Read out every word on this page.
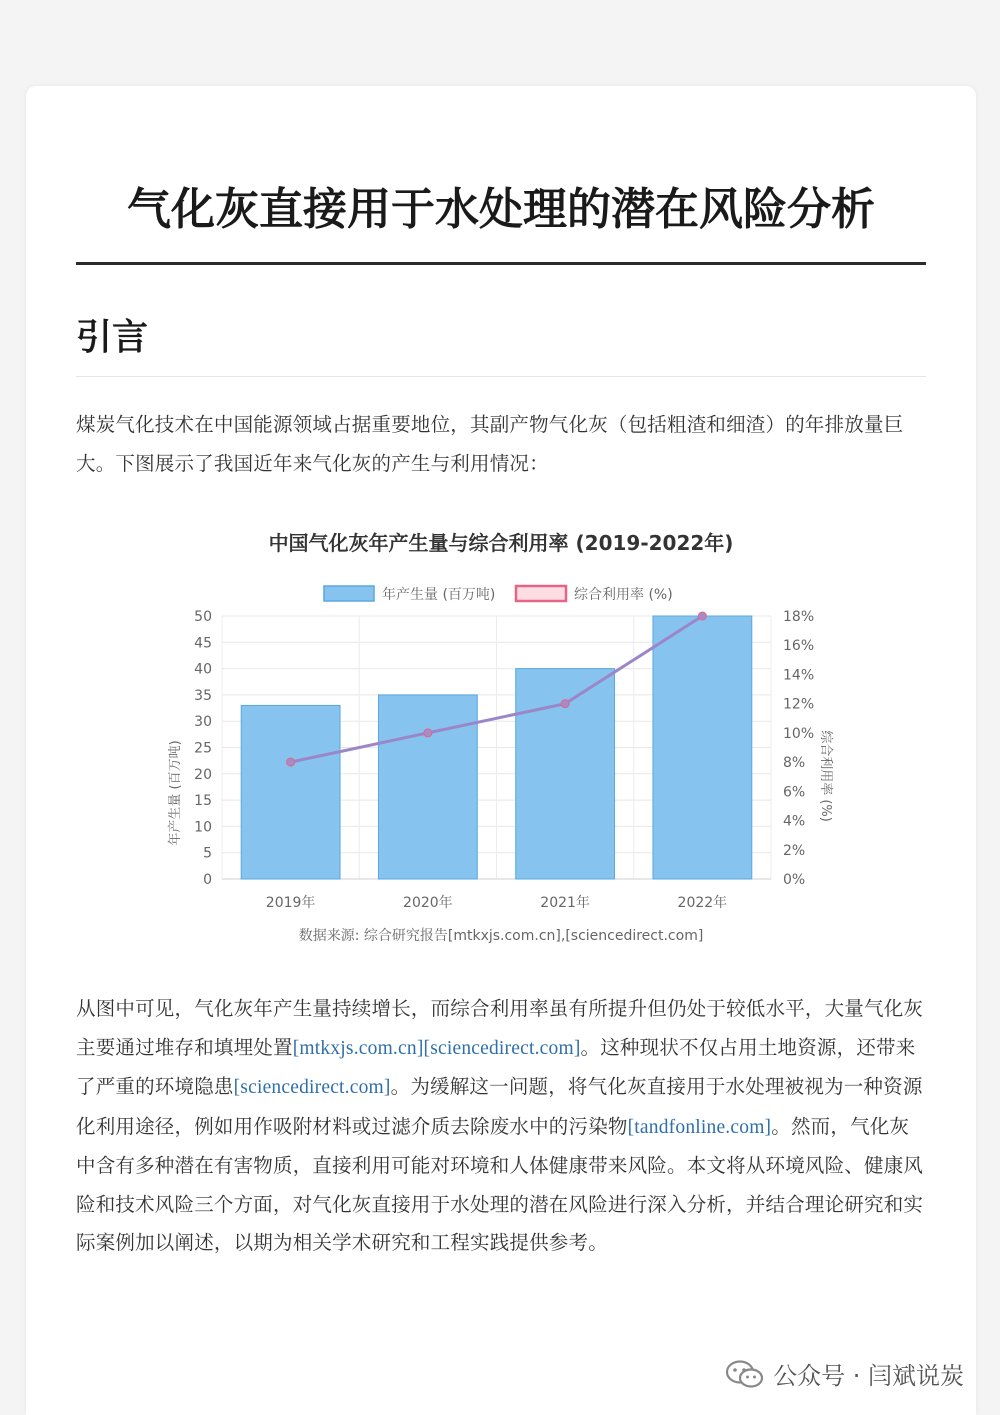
气化灰直接用于水处理的潜在风险分析
引言

煤炭气化技术在中国能源领域占据重要地位，其副产物气化灰（包括粗渣和细渣）的年排放量巨大。下图展示了我国近年来气化灰的产生与利用情况：

中国气化灰年产生量与综合利用率 (2019-2022年)
年产生量 (百万吨)	综合利用率 (%)
0
5
10
15
20
25
30
35
40
45
50
0%
2%
4%
6%
8%
10%
12%
14%
16%
18%
2019年	2020年	2021年	2022年
年产生量 (百万吨)	综合利用率 (%)
数据来源: 综合研究报告[mtkxjs.com.cn],[sciencedirect.com]

从图中可见，气化灰年产生量持续增长，而综合利用率虽有所提升但仍处于较低水平，大量气化灰主要通过堆存和填埋处置[mtkxjs.com.cn][sciencedirect.com]。这种现状不仅占用土地资源，还带来了严重的环境隐患[sciencedirect.com]。为缓解这一问题，将气化灰直接用于水处理被视为一种资源化利用途径，例如用作吸附材料或过滤介质去除废水中的污染物[tandfonline.com]。然而，气化灰中含有多种潜在有害物质，直接利用可能对环境和人体健康带来风险。本文将从环境风险、健康风险和技术风险三个方面，对气化灰直接用于水处理的潜在风险进行深入分析，并结合理论研究和实际案例加以阐述，以期为相关学术研究和工程实践提供参考。

公众号 · 闫斌说炭
